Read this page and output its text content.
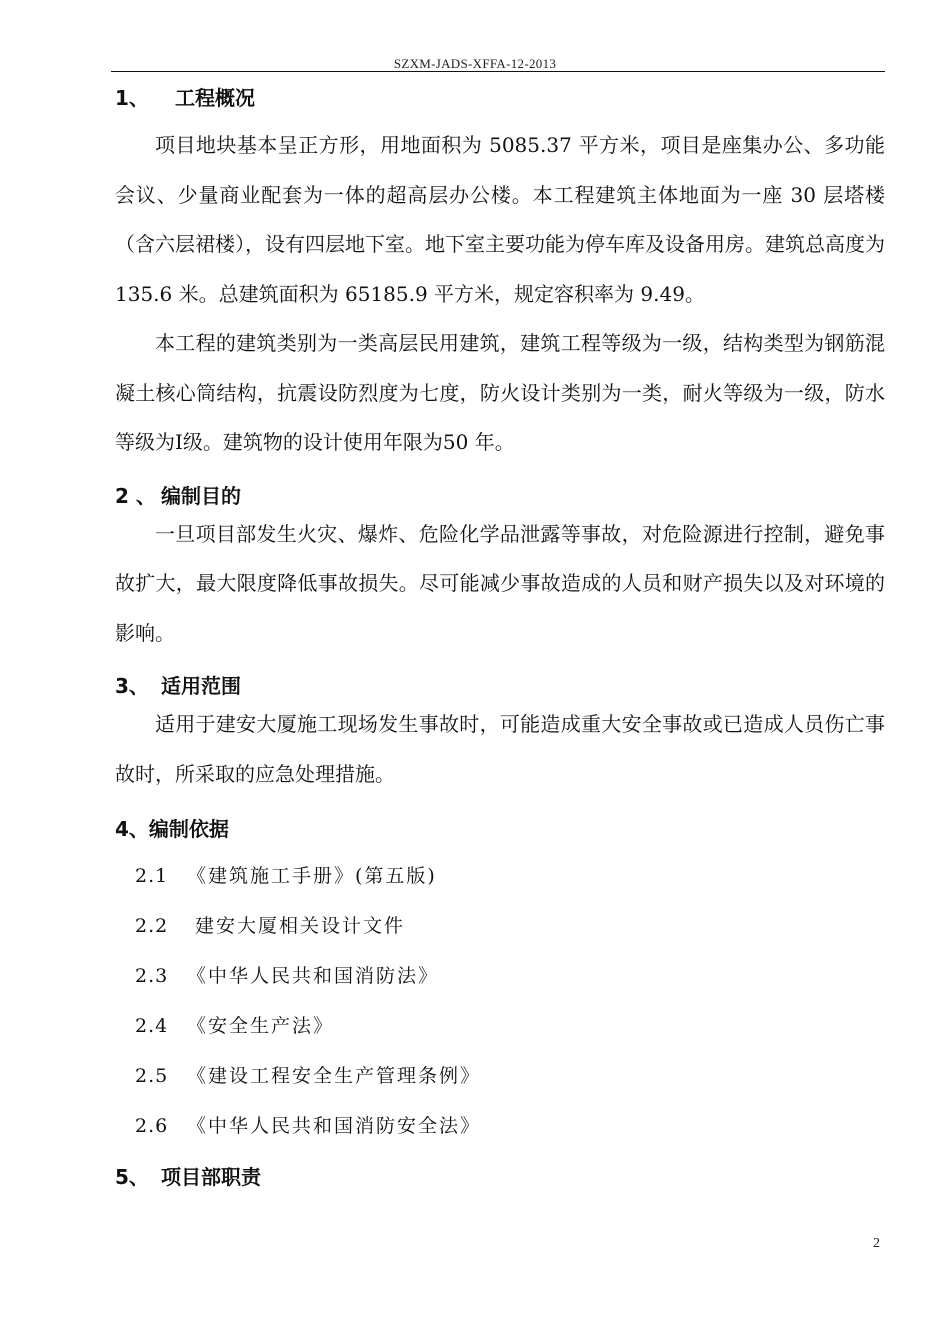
SZXM-JADS-XFFA-12-2013
1、 工程概况

项目地块基本呈正方形，用地面积为 5085.37 平方米，项目是座集办公、多功能会议、少量商业配套为一体的超高层办公楼。本工程建筑主体地面为一座 30 层塔楼（含六层裙楼），设有四层地下室。地下室主要功能为停车库及设备用房。建筑总高度为 135.6 米。总建筑面积为 65185.9 平方米，规定容积率为 9.49。

本工程的建筑类别为一类高层民用建筑，建筑工程等级为一级，结构类型为钢筋混凝土核心筒结构，抗震设防烈度为七度，防火设计类别为一类，耐火等级为一级，防水等级为Ⅰ级。建筑物的设计使用年限为50 年。

2 、 编制目的

一旦项目部发生火灾、爆炸、危险化学品泄露等事故，对危险源进行控制，避免事故扩大，最大限度降低事故损失。尽可能减少事故造成的人员和财产损失以及对环境的影响。

3、 适用范围

适用于建安大厦施工现场发生事故时，可能造成重大安全事故或已造成人员伤亡事故时，所采取的应急处理措施。

4、编制依据

2.1 《建筑施工手册》(第五版)

2.2 建安大厦相关设计文件

2.3 《中华人民共和国消防法》

2.4 《安全生产法》

2.5 《建设工程安全生产管理条例》

2.6 《中华人民共和国消防安全法》

5、 项目部职责
2
